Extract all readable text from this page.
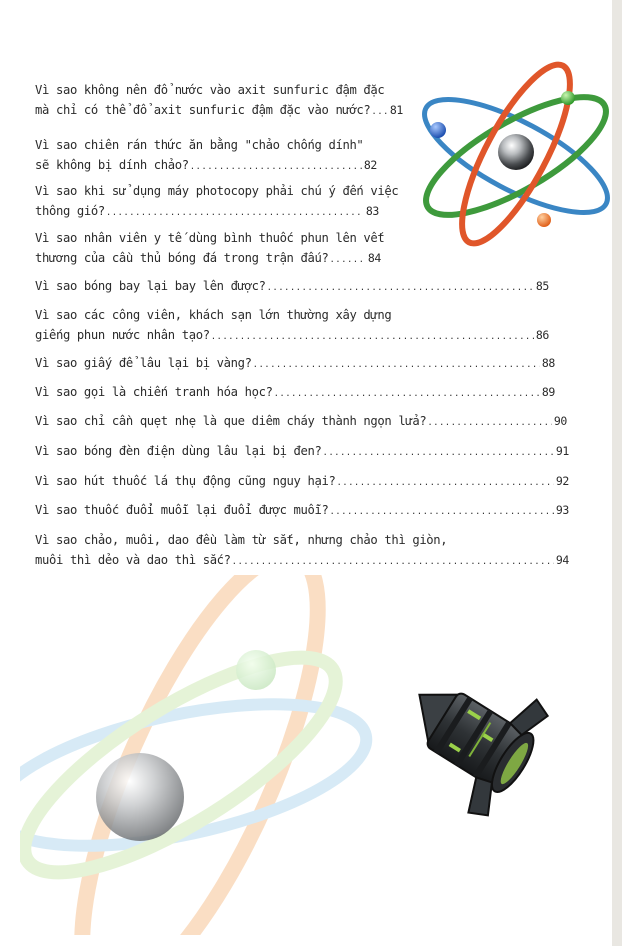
Vì sao không nên đổ nước vào axit sunfuric đậm đặc
mà chỉ có thể đổ axit sunfuric đậm đặc vào nước? ..... 81
Vì sao chiên rán thức ăn bằng "chảo chống dính"
sẽ không bị dính chảo? .....	82
Vì sao khi sử dụng máy photocopy phải chú ý đến việc
thông gió? .....	83
Vì sao nhân viên y tế dùng bình thuốc phun lên vết
thương của cầu thủ bóng đá trong trận đấu? .....	84
Vì sao bóng bay lại bay lên được? .....	85
Vì sao các công viên, khách sạn lớn thường xây dựng
giếng phun nước nhân tạo? .....	86
Vì sao giấy để lâu lại bị vàng? .....	88
Vì sao gọi là chiến tranh hóa học? .....	89
Vì sao chỉ cần quẹt nhẹ là que diêm cháy thành ngọn lửa? .....	90
Vì sao bóng đèn điện dùng lâu lại bị đen? .....	91
Vì sao hút thuốc lá thụ động cũng nguy hại? .....	92
Vì sao thuốc đuổi muỗi lại đuổi được muỗi? .....	93
Vì sao chảo, muôi, dao đều làm từ sắt, nhưng chảo thì giòn,
muôi thì dẻo và dao thì sắc? .....	94
